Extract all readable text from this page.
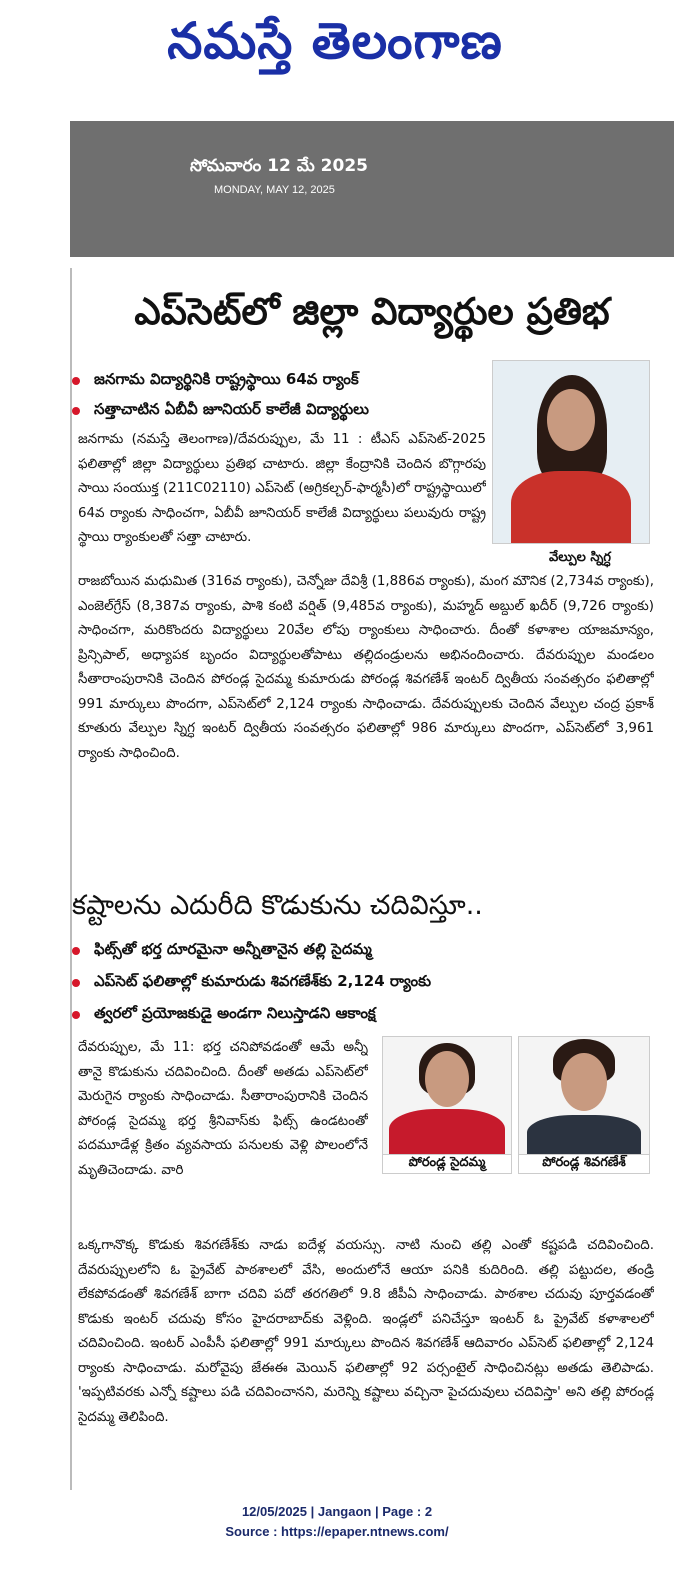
నమస్తే తెలంగాణ
సోమవారం 12 మే 2025
MONDAY, MAY 12, 2025
ఎప్‌సెట్‌లో జిల్లా విద్యార్థుల ప్రతిభ
జనగామ విద్యార్థినికి రాష్ట్రస్థాయి 64వ ర్యాంక్
సత్తాచాటిన ఏబీవీ జూనియర్ కాలేజీ విద్యార్థులు
వేల్పుల స్నిగ్ధ
జనగామ (నమస్తే తెలంగాణ)/దేవరుప్పుల, మే 11 : టీఎస్ ఎప్‌సెట్-2025 ఫలితాల్లో జిల్లా విద్యార్థులు ప్రతిభ చాటారు. జిల్లా కేంద్రానికి చెందిన బొగ్గారపు సాయి సంయుక్త (211C02110) ఎప్‌సెట్ (అగ్రికల్చర్-ఫార్మసీ)లో రాష్ట్రస్థాయిలో 64వ ర్యాంకు సాధించగా, ఏబీవీ జూనియర్ కాలేజీ విద్యార్థులు పలువురు రాష్ట్ర స్థాయి ర్యాంకులతో సత్తా చాటారు.
రాజబోయిన మధుమిత (316వ ర్యాంకు), చెన్నోజు దేవిశ్రీ (1,886వ ర్యాంకు), మంగ మౌనిక (2,734వ ర్యాంకు), ఎంజెల్‌గ్రేస్ (8,387వ ర్యాంకు, పాశి కంటి వర్షిత్ (9,485వ ర్యాంకు), మహ్మద్ అబ్దుల్ ఖదీర్ (9,726 ర్యాంకు) సాధించగా, మరికొందరు విద్యార్థులు 20వేల లోపు ర్యాంకులు సాధించారు. దీంతో కళాశాల యాజమాన్యం, ప్రిన్సిపాల్, అధ్యాపక బృందం విద్యార్థులతోపాటు తల్లిదండ్రులను అభినందించారు. దేవరుప్పుల మండలం సీతారాంపురానికి చెందిన పోరండ్ల సైదమ్మ కుమారుడు పోరండ్ల శివగణేశ్ ఇంటర్ ద్వితీయ సంవత్సరం ఫలితాల్లో 991 మార్కులు పొందగా, ఎప్‌సెట్‌లో 2,124 ర్యాంకు సాధించాడు. దేవరుప్పులకు చెందిన వేల్పుల చంద్ర ప్రకాశ్ కూతురు వేల్పుల స్నిగ్ధ ఇంటర్ ద్వితీయ సంవత్సరం ఫలితాల్లో 986 మార్కులు పొందగా, ఎప్‌సెట్‌లో 3,961 ర్యాంకు సాధించింది.
కష్టాలను ఎదురీది కొడుకును చదివిస్తూ..
ఫిట్స్‌తో భర్త దూరమైనా అన్నీతానైన తల్లి సైదమ్మ
ఎప్‌సెట్ ఫలితాల్లో కుమారుడు శివగణేశ్‌కు 2,124 ర్యాంకు
త్వరలో ప్రయోజకుడై అండగా నిలుస్తాడని ఆకాంక్ష
పోరండ్ల సైదమ్మ	పోరండ్ల శివగణేశ్
దేవరుప్పుల, మే 11: భర్త చనిపోవడంతో ఆమే అన్నీ తానై కొడుకును చదివించింది. దీంతో అతడు ఎప్‌సెట్‌లో మెరుగైన ర్యాంకు సాధించాడు. సీతారాంపురానికి చెందిన పోరండ్ల సైదమ్మ భర్త శ్రీనివాస్‌కు ఫిట్స్ ఉండటంతో పదమూడేళ్ల క్రితం వ్యవసాయ పనులకు వెళ్లి పొలంలోనే మృతిచెందాడు. వారి
ఒక్కగానొక్క కొడుకు శివగణేశ్‌కు నాడు ఐదేళ్ల వయస్సు. నాటి నుంచి తల్లి ఎంతో కష్టపడి చదివించింది. దేవరుప్పులలోని ఓ ప్రైవేట్ పాఠశాలలో వేసి, అందులోనే ఆయా పనికి కుదిరింది. తల్లి పట్టుదల, తండ్రి లేకపోవడంతో శివగణేశ్ బాగా చదివి పదో తరగతిలో 9.8 జీపీఏ సాధించాడు. పాఠశాల చదువు పూర్తవడంతో కొడుకు ఇంటర్ చదువు కోసం హైదరాబాద్‌కు వెళ్లింది. ఇండ్లలో పనిచేస్తూ ఇంటర్ ఓ ప్రైవేట్ కళాశాలలో చదివించింది. ఇంటర్ ఎంపీసీ ఫలితాల్లో 991 మార్కులు పొందిన శివగణేశ్ ఆదివారం ఎప్‌సెట్ ఫలితాల్లో 2,124 ర్యాంకు సాధించాడు. మరోవైపు జేఈఈ మెయిన్ ఫలితాల్లో 92 పర్సంటైల్ సాధించినట్లు అతడు తెలిపాడు. 'ఇప్పటివరకు ఎన్నో కష్టాలు పడి చదివించానని, మరెన్ని కష్టాలు వచ్చినా పైచదువులు చదివిస్తా' అని తల్లి పోరండ్ల సైదమ్మ తెలిపింది.
12/05/2025 | Jangaon | Page : 2
Source : https://epaper.ntnews.com/
